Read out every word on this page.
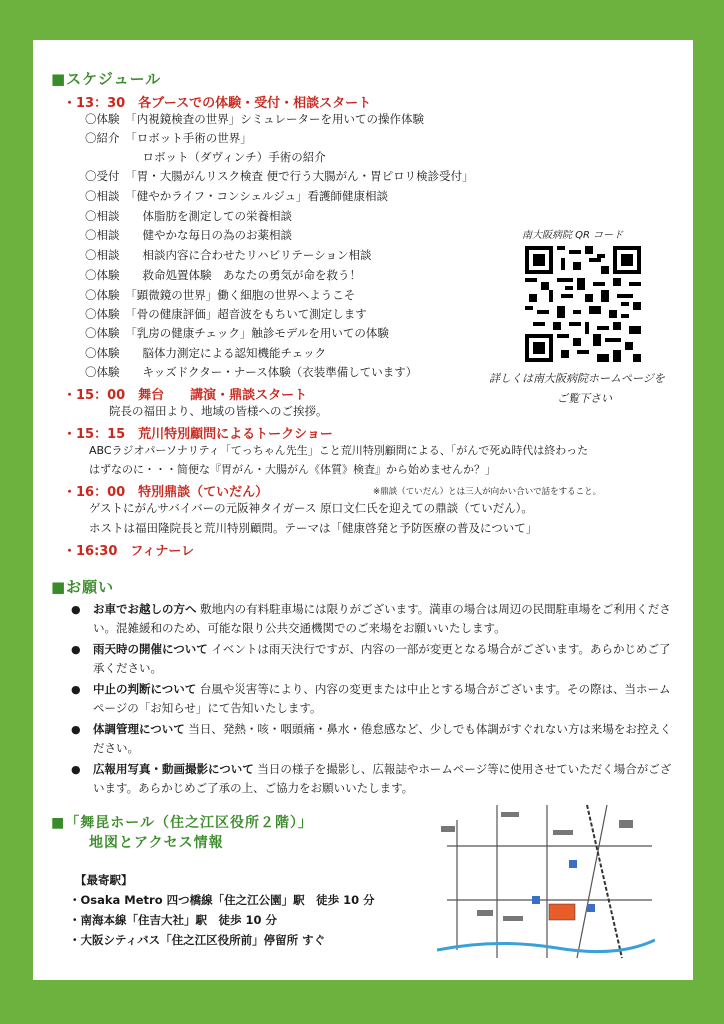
■スケジュール
・13：30　各ブースでの体験・受付・相談スタート
〇体験　「内視鏡検査の世界」シミュレーターを用いての操作体験
〇紹介　「ロボット手術の世界」
　　　　　ロボット（ダヴィンチ）手術の紹介
〇受付　「胃・大腸がんリスク検査 便で行う大腸がん・胃ピロリ検診受付」
〇相談　「健やかライフ・コンシェルジュ」看護師健康相談
〇相談　　体脂肪を測定しての栄養相談
〇相談　　健やかな毎日の為のお薬相談
〇相談　　相談内容に合わせたリハビリテーション相談
〇体験　　救命処置体験　あなたの勇気が命を救う！
〇体験　「顕微鏡の世界」働く細胞の世界へようこそ
〇体験　「骨の健康評価」超音波をもちいて測定します
〇体験　「乳房の健康チェック」触診モデルを用いての体験
〇体験　　脳体力測定による認知機能チェック
〇体験　　キッズドクター・ナース体験（衣装準備しています）
・15：00　舞台　　講演・鼎談スタート
院長の福田より、地域の皆様へのご挨拶。
・15：15　荒川特別顧問によるトークショー
ABCラジオパーソナリティ「てっちゃん先生」こと荒川特別顧問による、「がんで死ぬ時代は終わった
はずなのに・・・简便な『胃がん・大腸がん《体質》検査』から始めませんか？」
・16：00　特別鼎談（ていだん）	※鼎談（ていだん）とは三人が向かい合いで話をすること。
ゲストにがんサバイバーの元阪神タイガース 原口文仁氏を迎えての鼎談（ていだん）。
ホストは福田隆院長と荒川特別顧問。テーマは「健康啓発と予防医療の普及について」
・16:30　フィナーレ
南大阪病院 QR コード
詳しくは南大阪病院ホームページを
ご覧下さい
■お願い
● お車でお越しの方へ 敷地内の有料駐車場には限りがございます。満車の場合は周辺の民間駐車場をご利用ください。混雑緩和のため、可能な限り公共交通機関でのご来場をお願いいたします。
● 雨天時の開催について イベントは雨天決行ですが、内容の一部が変更となる場合がございます。あらかじめご了承ください。
● 中止の判断について 台風や災害等により、内容の変更または中止とする場合がございます。その際は、当ホームページの「お知らせ」にて告知いたします。
● 体調管理について 当日、発熱・咳・咽頭痛・鼻水・倦怠感など、少しでも体調がすぐれない方は来場をお控えください。
● 広報用写真・動画撮影について 当日の様子を撮影し、広報誌やホームページ等に使用させていただく場合がございます。あらかじめご了承の上、ご協力をお願いいたします。
■「舞昆ホール（住之江区役所２階）」
地図とアクセス情報
【最寄駅】
・Osaka Metro 四つ橋線「住之江公園」駅　徒歩 10 分
・南海本線「住吉大社」駅　徒歩 10 分
・大阪シティバス「住之江区役所前」停留所 すぐ
